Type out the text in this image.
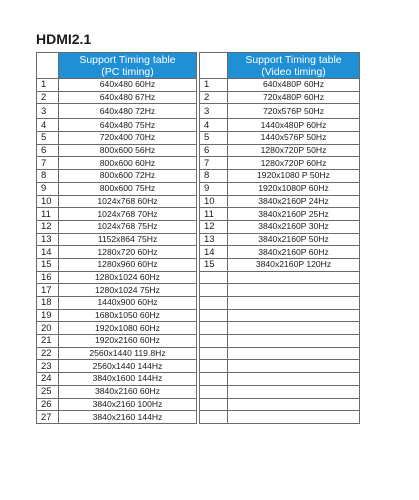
HDMI2.1

	Support Timing table
(PC timing)

1	640x480 60Hz
2	640x480 67Hz
3	640x480 72Hz
4	640x480 75Hz
5	720x400 70Hz
6	800x600 56Hz
7	800x600 60Hz
8	800x600 72Hz
9	800x600 75Hz
10	1024x768 60Hz
11	1024x768 70Hz
12	1024x768 75Hz
13	1152x864 75Hz
14	1280x720 60Hz
15	1280x960 60Hz
16	1280x1024 60Hz
17	1280x1024 75Hz
18	1440x900 60Hz
19	1680x1050 60Hz
20	1920x1080 60Hz
21	1920x2160 60Hz
22	2560x1440 119.8Hz
23	2560x1440 144Hz
24	3840x1600 144Hz
25	3840x2160 60Hz
26	3840x2160 100Hz
27	3840x2160 144Hz

	Support Timing table
(Video timing)

1	640x480P 60Hz
2	720x480P 60Hz
3	720x576P 50Hz
4	1440x480P 60Hz
5	1440x576P 50Hz
6	1280x720P 50Hz
7	1280x720P 60Hz
8	1920x1080 P 50Hz
9	1920x1080P 60Hz
10	3840x2160P 24Hz
11	3840x2160P 25Hz
12	3840x2160P 30Hz
13	3840x2160P 50Hz
14	3840x2160P 60Hz
15	3840x2160P 120Hz
